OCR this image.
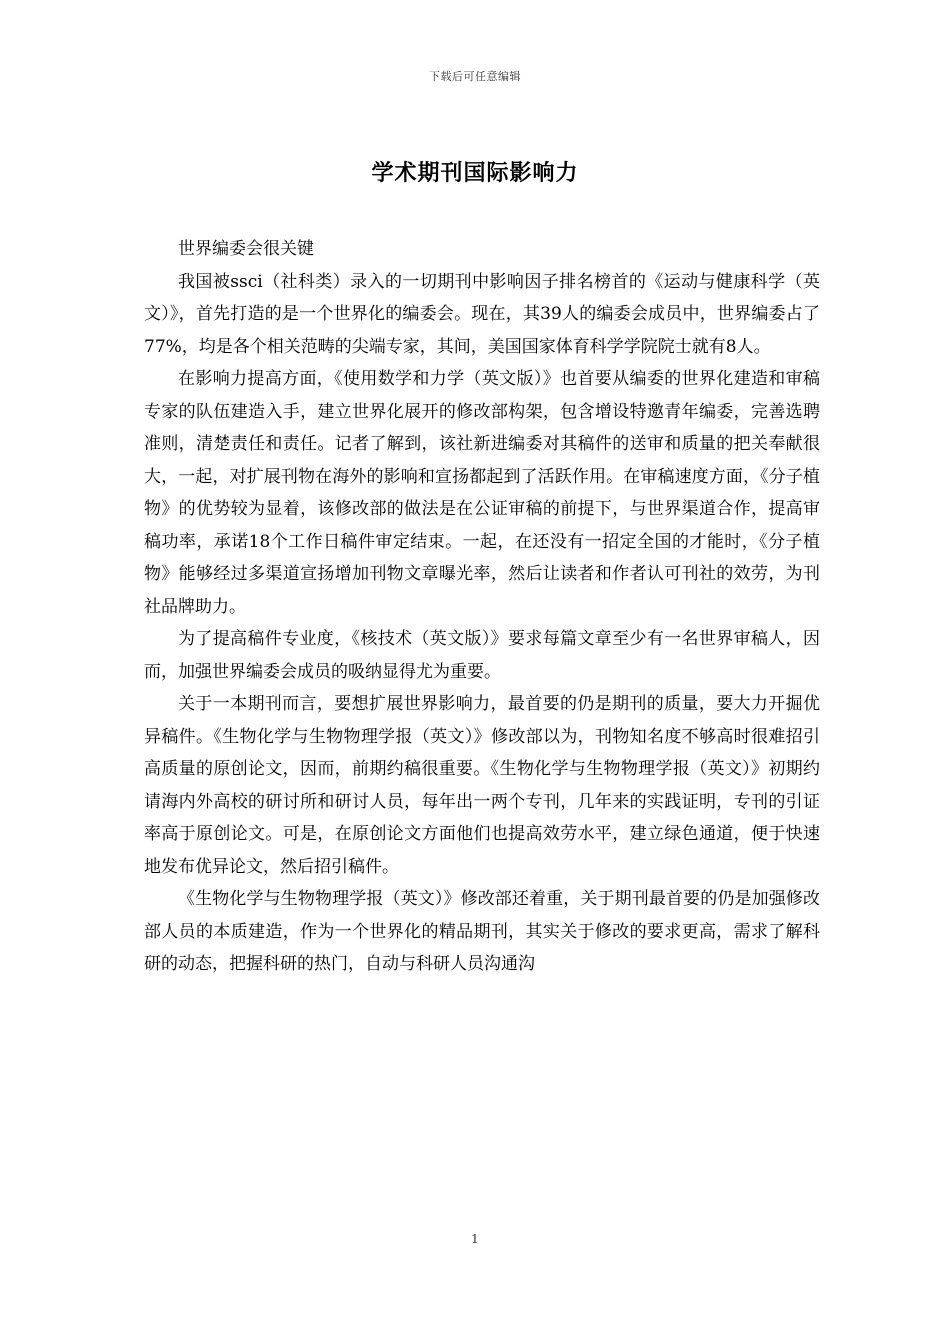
下载后可任意编辑
学术期刊国际影响力

世界编委会很关键

我国被ssci（社科类）录入的一切期刊中影响因子排名榜首的《运动与健康科学（英文）》，首先打造的是一个世界化的编委会。现在，其39人的编委会成员中，世界编委占了77%，均是各个相关范畴的尖端专家，其间，美国国家体育科学学院院士就有8人。

在影响力提高方面，《使用数学和力学（英文版）》也首要从编委的世界化建造和审稿专家的队伍建造入手，建立世界化展开的修改部构架，包含增设特邀青年编委，完善选聘准则，清楚责任和责任。记者了解到，该社新进编委对其稿件的送审和质量的把关奉献很大，一起，对扩展刊物在海外的影响和宣扬都起到了活跃作用。在审稿速度方面，《分子植物》的优势较为显着，该修改部的做法是在公证审稿的前提下，与世界渠道合作，提高审稿功率，承诺18个工作日稿件审定结束。一起，在还没有一招定全国的才能时，《分子植物》能够经过多渠道宣扬增加刊物文章曝光率，然后让读者和作者认可刊社的效劳，为刊社品牌助力。

为了提高稿件专业度，《核技术（英文版）》要求每篇文章至少有一名世界审稿人，因而，加强世界编委会成员的吸纳显得尤为重要。

关于一本期刊而言，要想扩展世界影响力，最首要的仍是期刊的质量，要大力开掘优异稿件。《生物化学与生物物理学报（英文）》修改部以为，刊物知名度不够高时很难招引高质量的原创论文，因而，前期约稿很重要。《生物化学与生物物理学报（英文）》初期约请海内外高校的研讨所和研讨人员，每年出一两个专刊，几年来的实践证明，专刊的引证率高于原创论文。可是，在原创论文方面他们也提高效劳水平，建立绿色通道，便于快速地发布优异论文，然后招引稿件。

《生物化学与生物物理学报（英文）》修改部还着重，关于期刊最首要的仍是加强修改部人员的本质建造，作为一个世界化的精品期刊，其实关于修改的要求更高，需求了解科研的动态，把握科研的热门，自动与科研人员沟通沟

1
